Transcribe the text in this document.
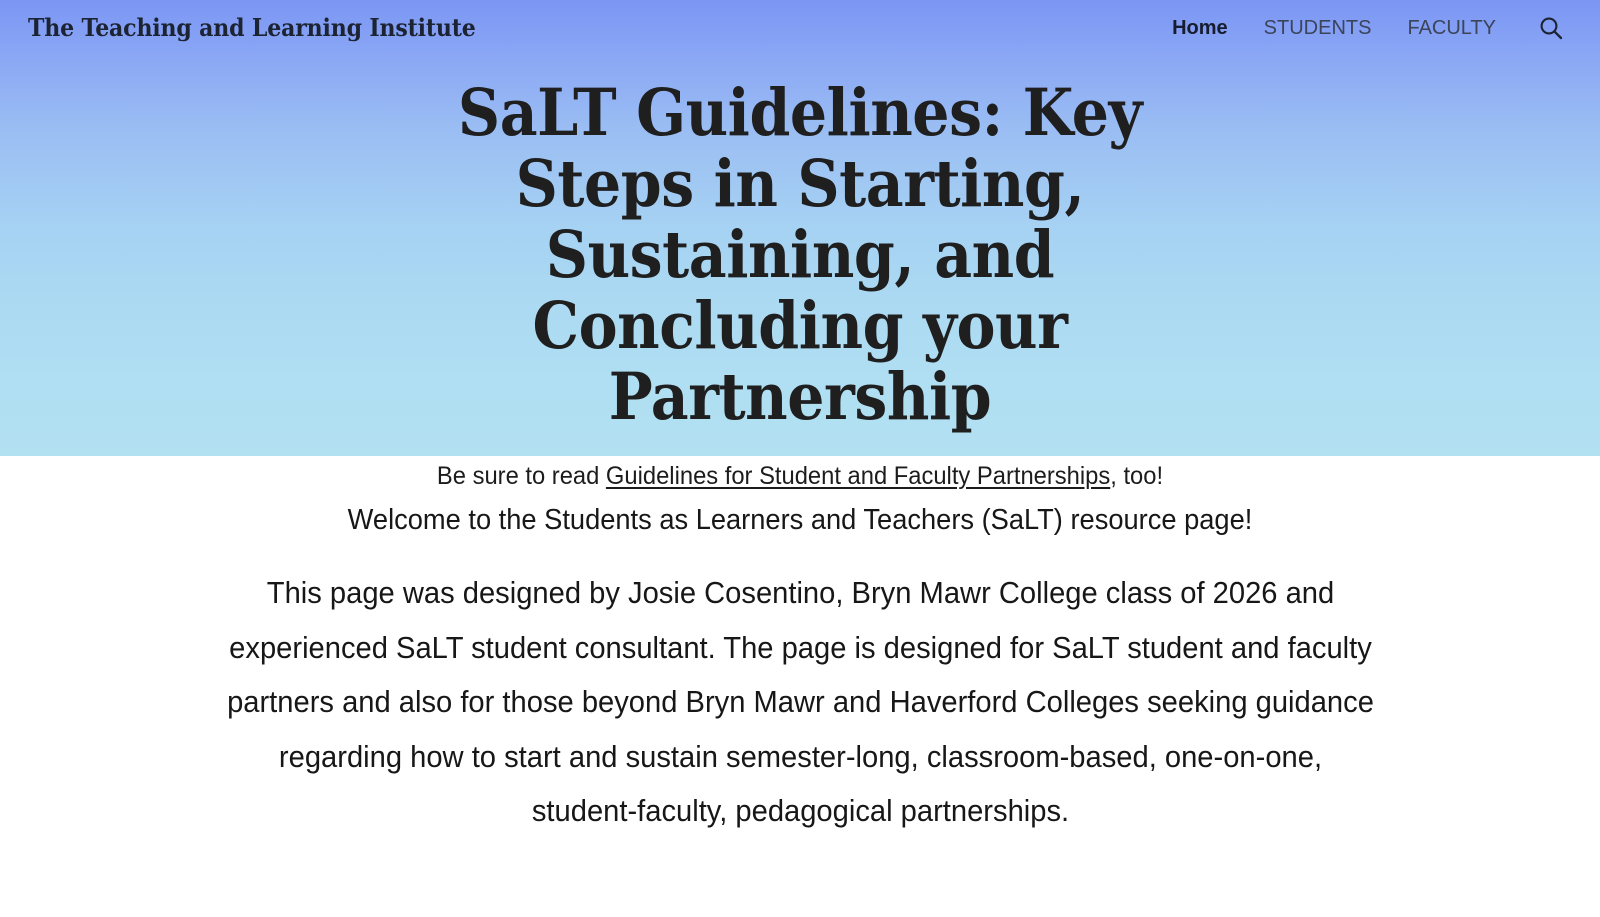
The Teaching and Learning Institute	Home	STUDENTS	FACULTY
SaLT Guidelines: Key Steps in Starting, Sustaining, and Concluding your Partnership
Be sure to read Guidelines for Student and Faculty Partnerships, too!

Welcome to the Students as Learners and Teachers (SaLT) resource page!

This page was designed by Josie Cosentino, Bryn Mawr College class of 2026 and experienced SaLT student consultant. The page is designed for SaLT student and faculty partners and also for those beyond Bryn Mawr and Haverford Colleges seeking guidance regarding how to start and sustain semester-long, classroom-based, one-on-one, student-faculty, pedagogical partnerships.
